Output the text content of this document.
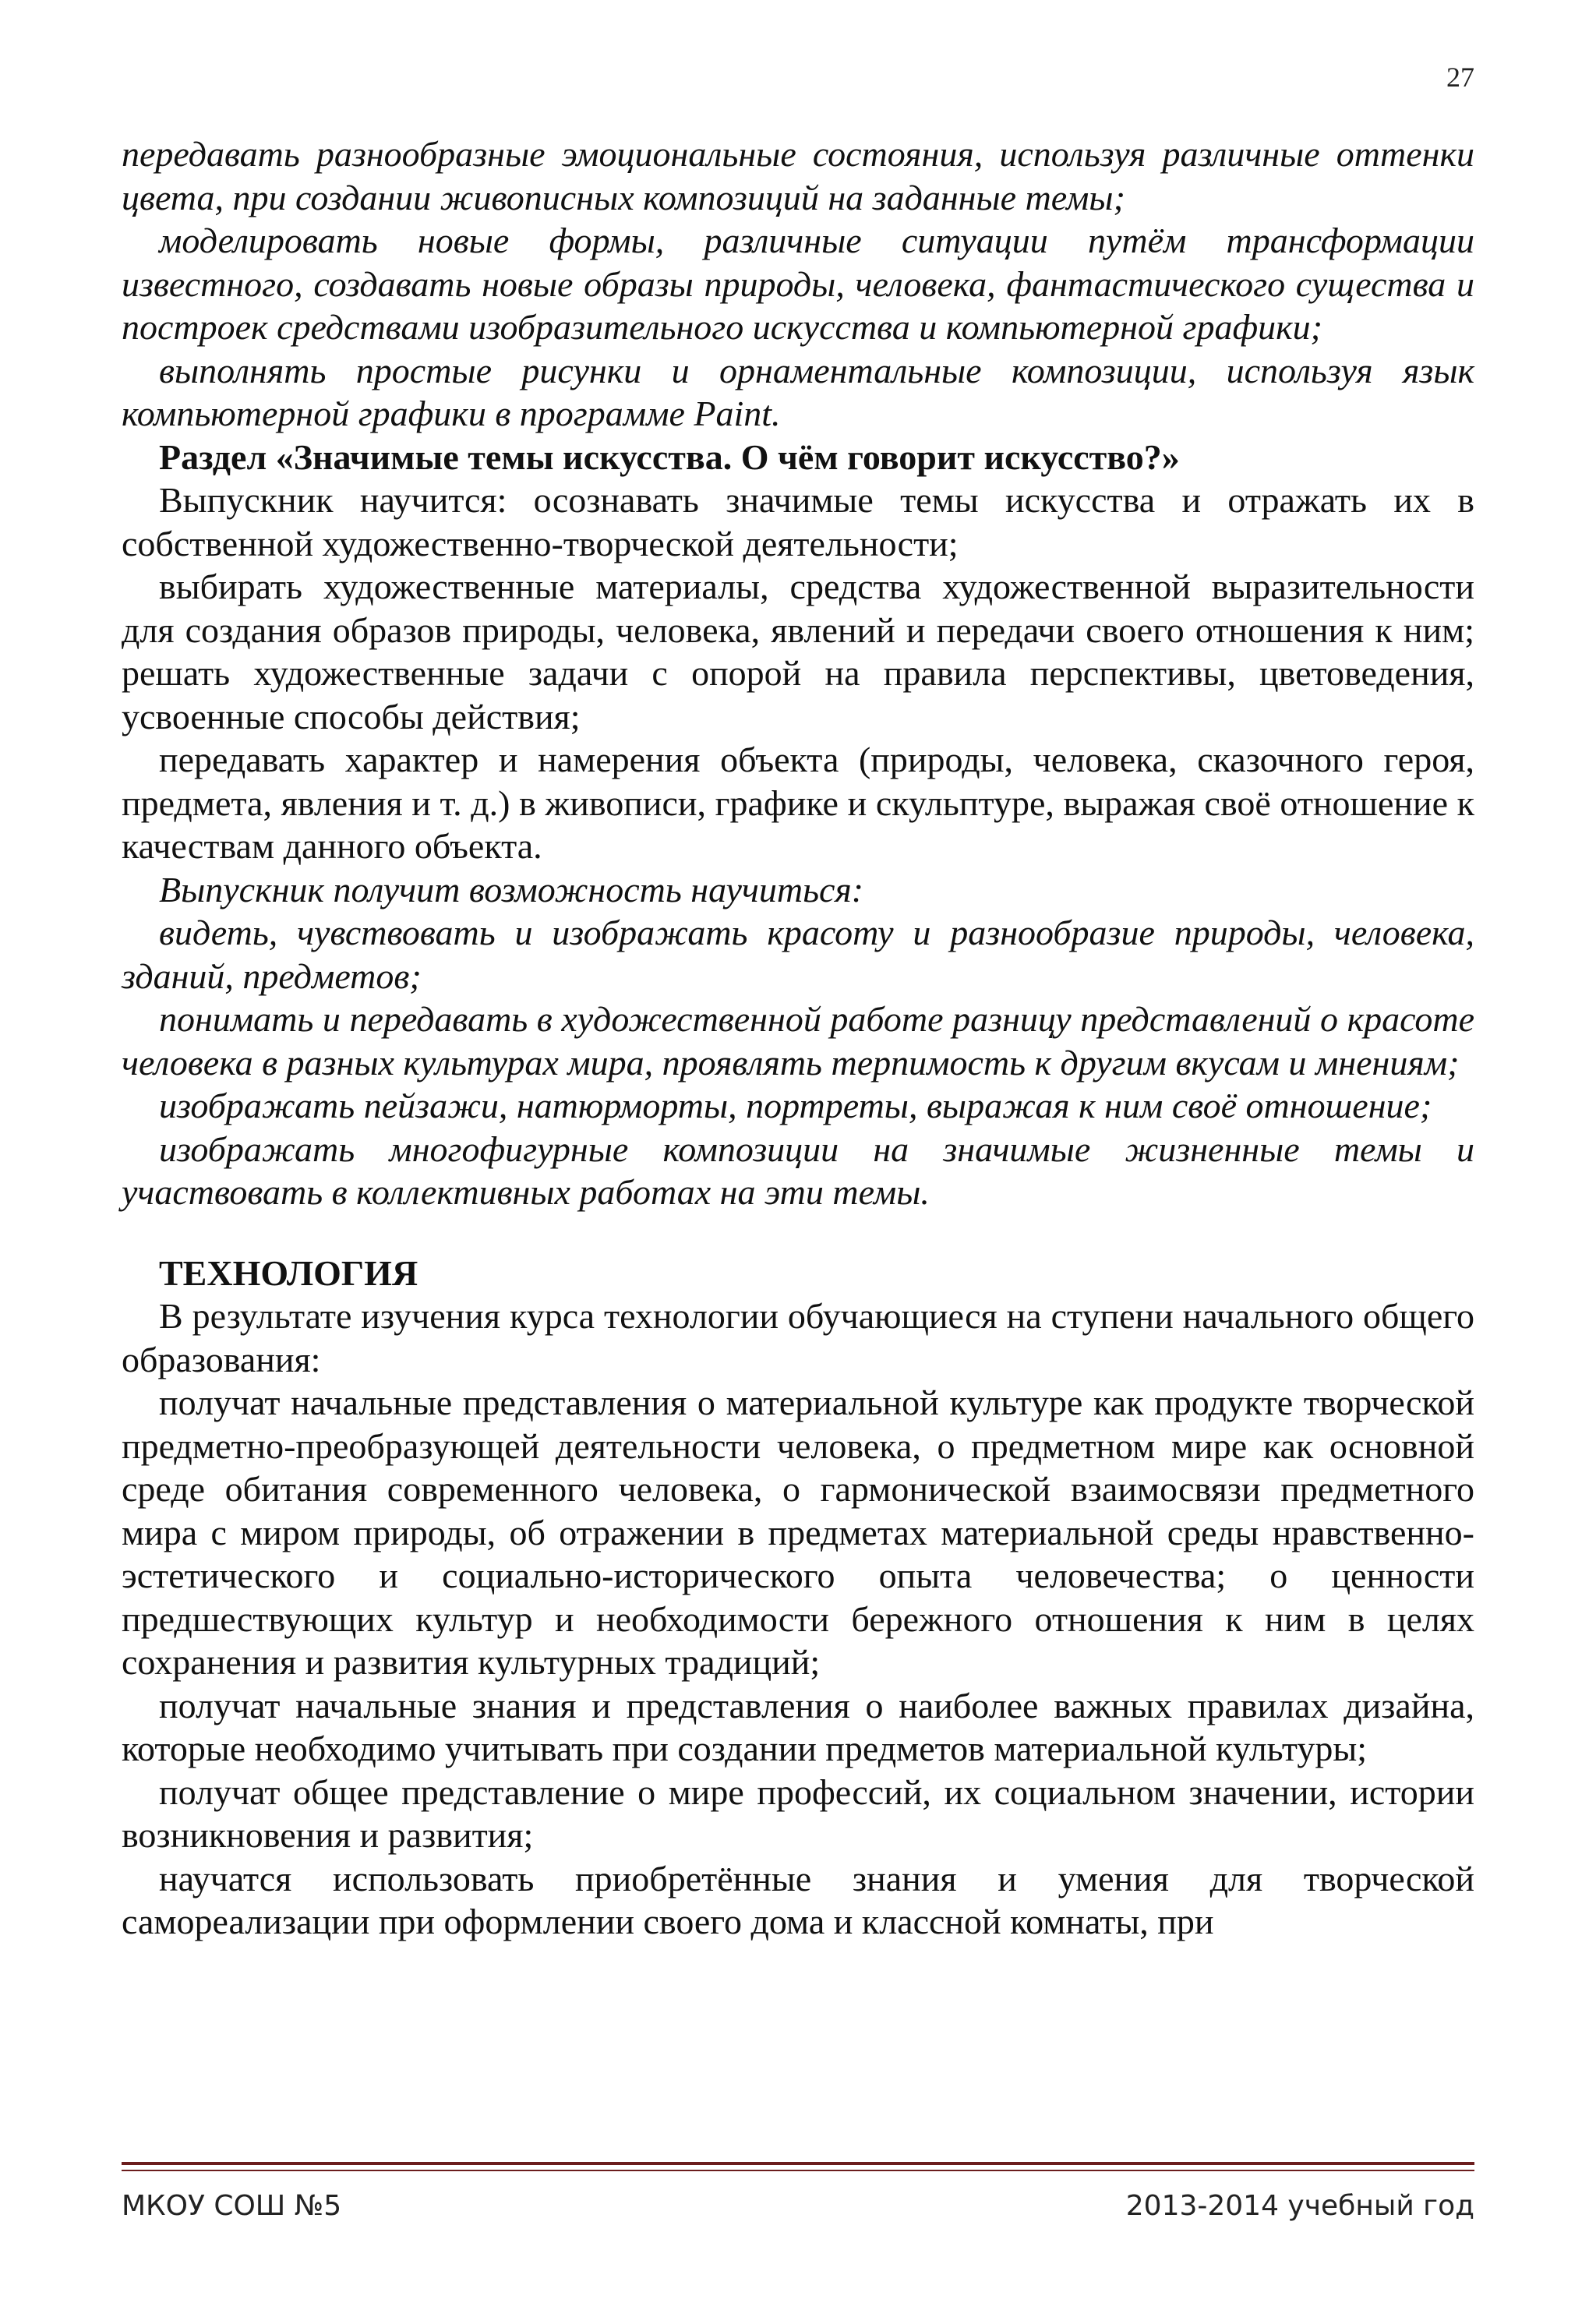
27

передавать разнообразные эмоциональные состояния, используя различные оттенки цвета, при создании живописных композиций на заданные темы;

моделировать новые формы, различные ситуации путём трансформации известного, создавать новые образы природы, человека, фантастического существа и построек средствами изобразительного искусства и компьютерной графики;

выполнять простые рисунки и орнаментальные композиции, используя язык компьютерной графики в программе Paint.

Раздел «Значимые темы искусства. О чём говорит искусство?»

Выпускник научится: осознавать значимые темы искусства и отражать их в собственной художественно-творческой деятельности;

выбирать художественные материалы, средства художественной выразительности для создания образов природы, человека, явлений и передачи своего отношения к ним; решать художественные задачи с опорой на правила перспективы, цветоведения, усвоенные способы действия;

передавать характер и намерения объекта (природы, человека, сказочного героя, предмета, явления и т. д.) в живописи, графике и скульптуре, выражая своё отношение к качествам данного объекта.

Выпускник получит возможность научиться:

видеть, чувствовать и изображать красоту и разнообразие природы, человека, зданий, предметов;

понимать и передавать в художественной работе разницу представлений о красоте человека в разных культурах мира, проявлять терпимость к другим вкусам и мнениям;

изображать пейзажи, натюрморты, портреты, выражая к ним своё отношение;

изображать многофигурные композиции на значимые жизненные темы и участвовать в коллективных работах на эти темы.

ТЕХНОЛОГИЯ

В результате изучения курса технологии обучающиеся на ступени начального общего образования:

получат начальные представления о материальной культуре как продукте творческой предметно-преобразующей деятельности человека, о предметном мире как основной среде обитания современного человека, о гармонической взаимосвязи предметного мира с миром природы, об отражении в предметах материальной среды нравственно-эстетического и социально-исторического опыта человечества; о ценности предшествующих культур и необходимости бережного отношения к ним в целях сохранения и развития культурных традиций;

получат начальные знания и представления о наиболее важных правилах дизайна, которые необходимо учитывать при создании предметов материальной культуры;

получат общее представление о мире профессий, их социальном значении, истории возникновения и развития;

научатся использовать приобретённые знания и умения для творческой самореализации при оформлении своего дома и классной комнаты, при

МКОУ СОШ №5	2013-2014 учебный год
